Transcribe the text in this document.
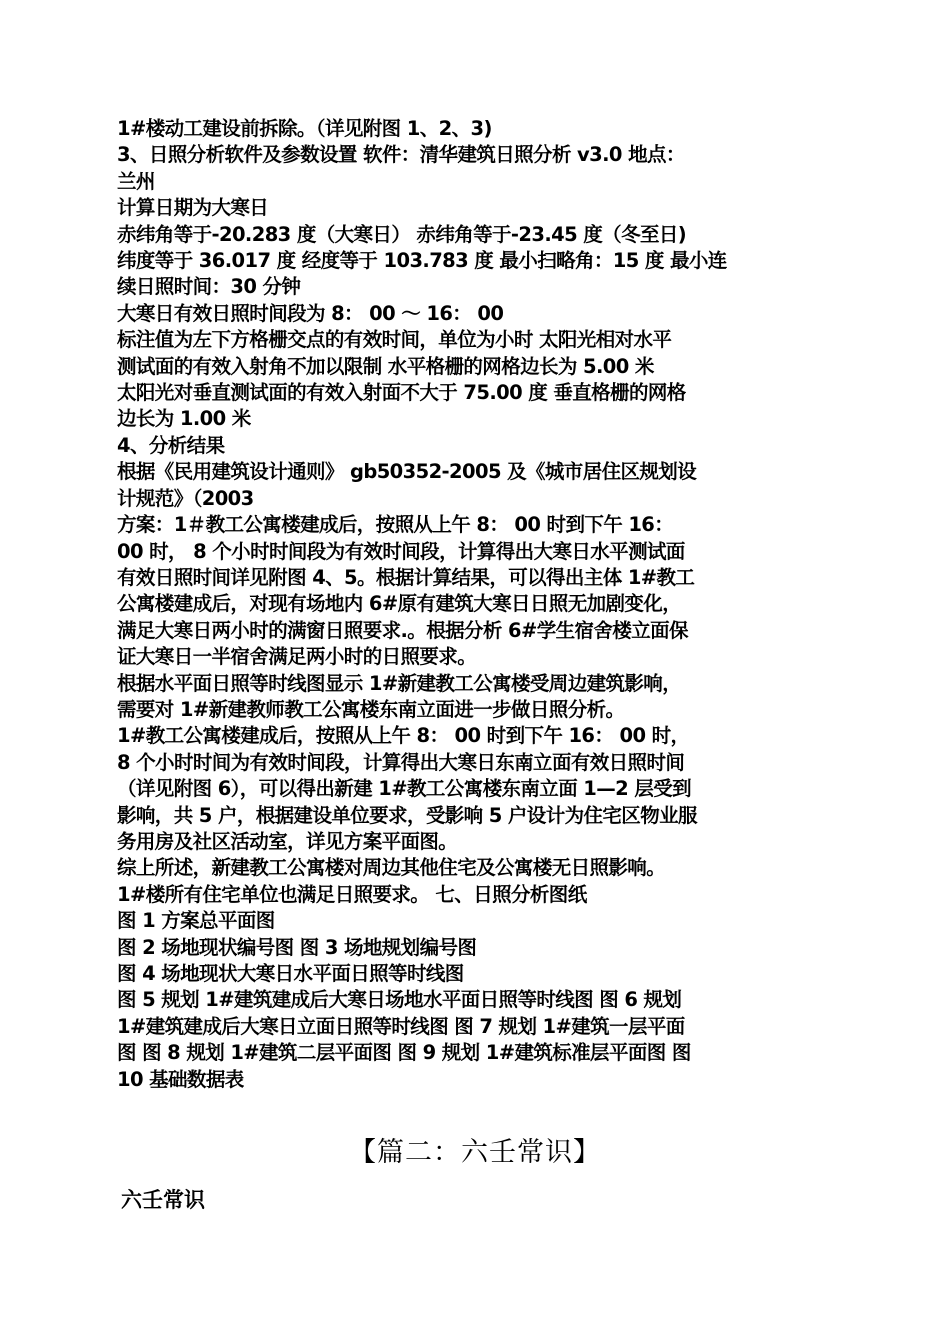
1#楼动工建设前拆除。（详见附图 1、2、3)

3、日照分析软件及参数设置 软件：清华建筑日照分析 v3.0 地点：

兰州

计算日期为大寒日

赤纬角等于-20.283 度（大寒日） 赤纬角等于-23.45 度（冬至日)

纬度等于 36.017 度 经度等于 103.783 度 最小扫略角：15 度 最小连

续日照时间：30 分钟

大寒日有效日照时间段为 8： 00 ～ 16： 00

标注值为左下方格栅交点的有效时间，单位为小时 太阳光相对水平

测试面的有效入射角不加以限制 水平格栅的网格边长为 5.00 米

太阳光对垂直测试面的有效入射面不大于 75.00 度 垂直格栅的网格

边长为 1.00 米

4、分析结果

根据《民用建筑设计通则》 gb50352-2005 及《城市居住区规划设

计规范》（2003

方案：1＃教工公寓楼建成后，按照从上午 8： 00 时到下午 16：

00 时， 8 个小时时间段为有效时间段，计算得出大寒日水平测试面

有效日照时间详见附图 4、5。根据计算结果，可以得出主体 1#教工

公寓楼建成后，对现有场地内 6#原有建筑大寒日日照无加剧变化，

满足大寒日两小时的满窗日照要求.。根据分析 6#学生宿舍楼立面保

证大寒日一半宿舍满足两小时的日照要求。

根据水平面日照等时线图显示 1#新建教工公寓楼受周边建筑影响，

需要对 1#新建教师教工公寓楼东南立面进一步做日照分析。

1#教工公寓楼建成后，按照从上午 8： 00 时到下午 16： 00 时，

8 个小时时间为有效时间段，计算得出大寒日东南立面有效日照时间

（详见附图 6），可以得出新建 1#教工公寓楼东南立面 1—2 层受到

影响，共 5 户，根据建设单位要求，受影响 5 户设计为住宅区物业服

务用房及社区活动室，详见方案平面图。

综上所述，新建教工公寓楼对周边其他住宅及公寓楼无日照影响。

1#楼所有住宅单位也满足日照要求。 七、日照分析图纸

图 1 方案总平面图

图 2 场地现状编号图 图 3 场地规划编号图

图 4 场地现状大寒日水平面日照等时线图

图 5 规划 1#建筑建成后大寒日场地水平面日照等时线图 图 6 规划

1#建筑建成后大寒日立面日照等时线图 图 7 规划 1#建筑一层平面

图 图 8 规划 1#建筑二层平面图 图 9 规划 1#建筑标准层平面图 图

10 基础数据表

【篇二：六壬常识】
六壬常识
